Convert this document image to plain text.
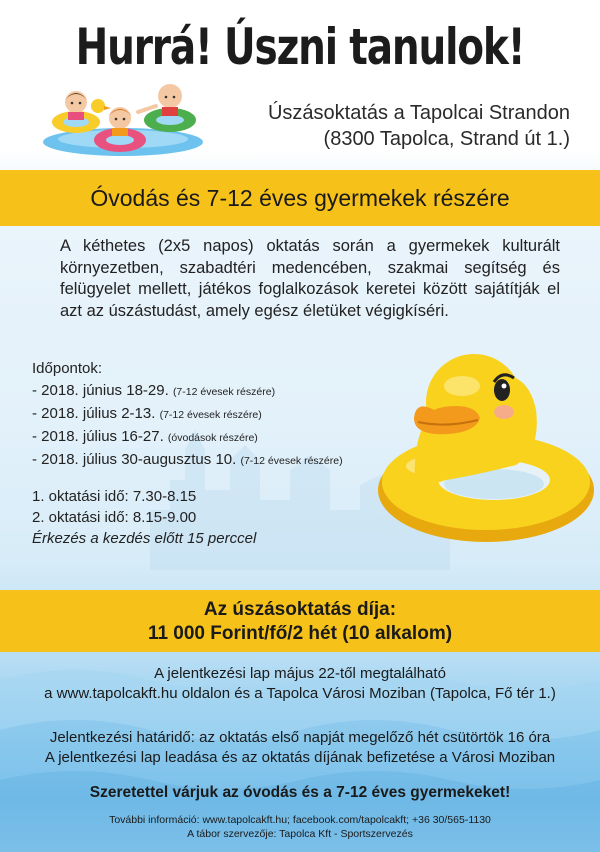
Hurrá! Úszni tanulok!
Úszásoktatás a Tapolcai Strandon
(8300 Tapolca, Strand út 1.)
Óvodás és 7-12 éves gyermekek részére
A kéthetes (2x5 napos) oktatás során a gyermekek kulturált környezetben, szabadtéri medencében, szakmai segítség és felügyelet mellett, játékos foglalkozások keretei között sajátítják el azt az úszástudást, amely egész életüket végigkíséri.
Időpontok:
- 2018. június 18-29. (7-12 évesek részére)
- 2018. július 2-13. (7-12 évesek részére)
- 2018. július 16-27. (óvodások részére)
- 2018. július 30-augusztus 10. (7-12 évesek részére)
1. oktatási idő: 7.30-8.15
2. oktatási idő: 8.15-9.00
Érkezés a kezdés előtt 15 perccel
Az úszásoktatás díja:
11 000 Forint/fő/2 hét (10 alkalom)
A jelentkezési lap május 22-től megtalálható
a www.tapolcakft.hu oldalon és a Tapolca Városi Moziban (Tapolca, Fő tér 1.)
Jelentkezési határidő: az oktatás első napját megelőző hét csütörtök 16 óra
A jelentkezési lap leadása és az oktatás díjának befizetése a Városi Moziban
Szeretettel várjuk az óvodás és a 7-12 éves gyermekeket!
További információ: www.tapolcakft.hu; facebook.com/tapolcakft; +36 30/565-1130
A tábor szervezője: Tapolca Kft - Sportszervezés
